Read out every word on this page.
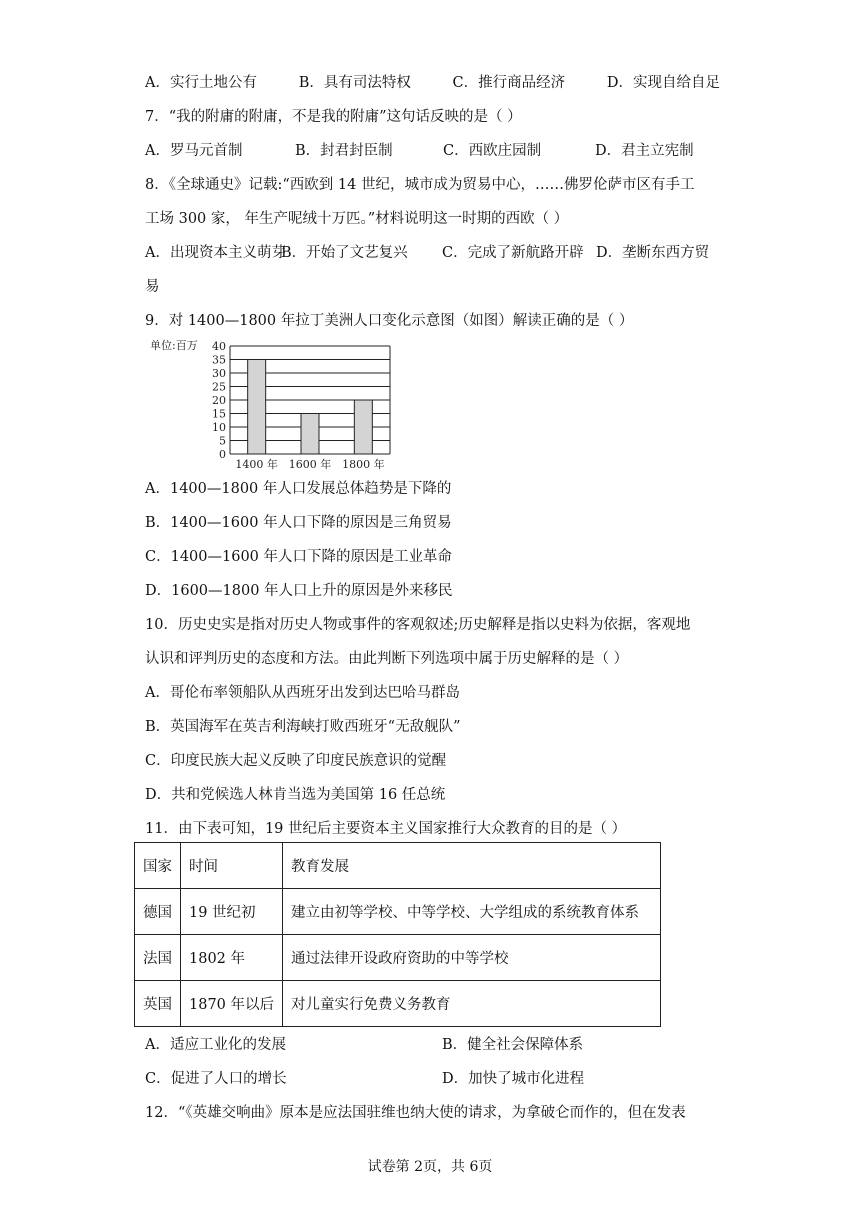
A．实行土地公有	B．具有司法特权	C．推行商品经济	D．实现自给自足
7．“我的附庸的附庸，不是我的附庸”这句话反映的是（ ）
A．罗马元首制	B．封君封臣制	C．西欧庄园制	D．君主立宪制
8．《全球通史》记载:“西欧到 14 世纪，城市成为贸易中心，……佛罗伦萨市区有手工
工场 300 家， 年生产呢绒十万匹。”材料说明这一时期的西欧（ ）
A．出现资本主义萌芽
B．开始了文艺复兴 C．完成了新航路开辟 D．垄断东西方贸
易
9．对 1400—1800 年拉丁美洲人口变化示意图（如图）解读正确的是（ ）
单位:百万
0
5
10
15
20
25
30
35
40
1400 年 1600 年 1800 年
A．1400—1800 年人口发展总体趋势是下降的
B．1400—1600 年人口下降的原因是三角贸易
C．1400—1600 年人口下降的原因是工业革命
D．1600—1800 年人口上升的原因是外来移民
10．历史史实是指对历史人物或事件的客观叙述;历史解释是指以史料为依据，客观地
认识和评判历史的态度和方法。由此判断下列选项中属于历史解释的是（ ）
A．哥伦布率领船队从西班牙出发到达巴哈马群岛
B．英国海军在英吉利海峡打败西班牙“无敌舰队”
C．印度民族大起义反映了印度民族意识的觉醒
D．共和党候选人林肯当选为美国第 16 任总统
11．由下表可知，19 世纪后主要资本主义国家推行大众教育的目的是（ ）
国家	时间	教育发展
德国	19 世纪初	建立由初等学校、中等学校、大学组成的系统教育体系
法国	1802 年	通过法律开设政府资助的中等学校
英国	1870 年以后	对儿童实行免费义务教育
A．适应工业化的发展	B．健全社会保障体系
C．促进了人口的增长	D．加快了城市化进程
12．“《英雄交响曲》原本是应法国驻维也纳大使的请求，为拿破仑而作的，但在发表
试卷第 2页，共 6页
